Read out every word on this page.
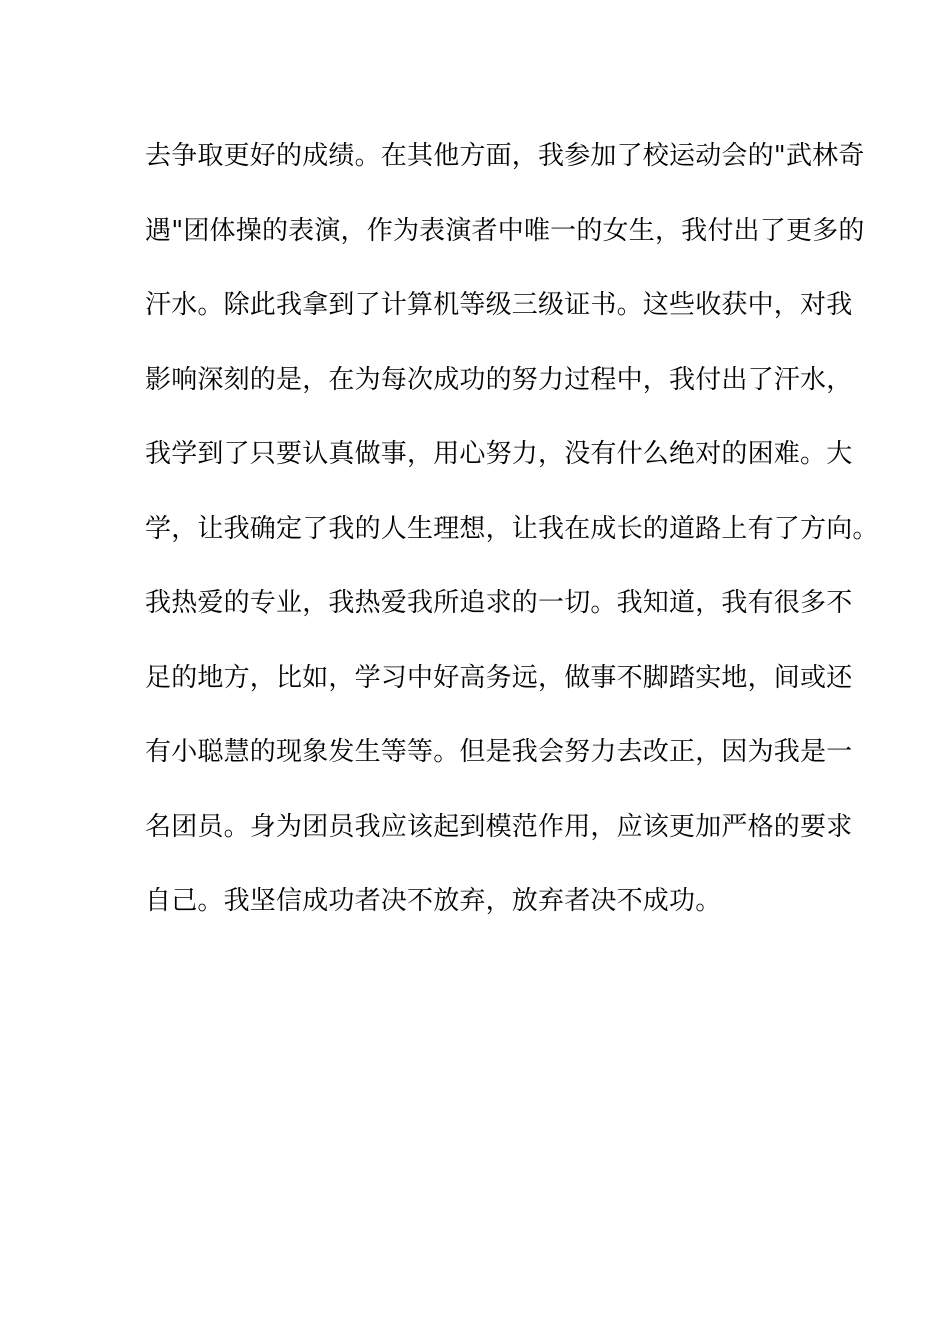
去争取更好的成绩。在其他方面，我参加了校运动会的"武林奇
遇"团体操的表演，作为表演者中唯一的女生，我付出了更多的
汗水。除此我拿到了计算机等级三级证书。这些收获中，对我
影响深刻的是，在为每次成功的努力过程中，我付出了汗水，
我学到了只要认真做事，用心努力，没有什么绝对的困难。大
学，让我确定了我的人生理想，让我在成长的道路上有了方向。
我热爱的专业，我热爱我所追求的一切。我知道，我有很多不
足的地方，比如，学习中好高务远，做事不脚踏实地，间或还
有小聪慧的现象发生等等。但是我会努力去改正，因为我是一
名团员。身为团员我应该起到模范作用，应该更加严格的要求
自己。我坚信成功者决不放弃，放弃者决不成功。
